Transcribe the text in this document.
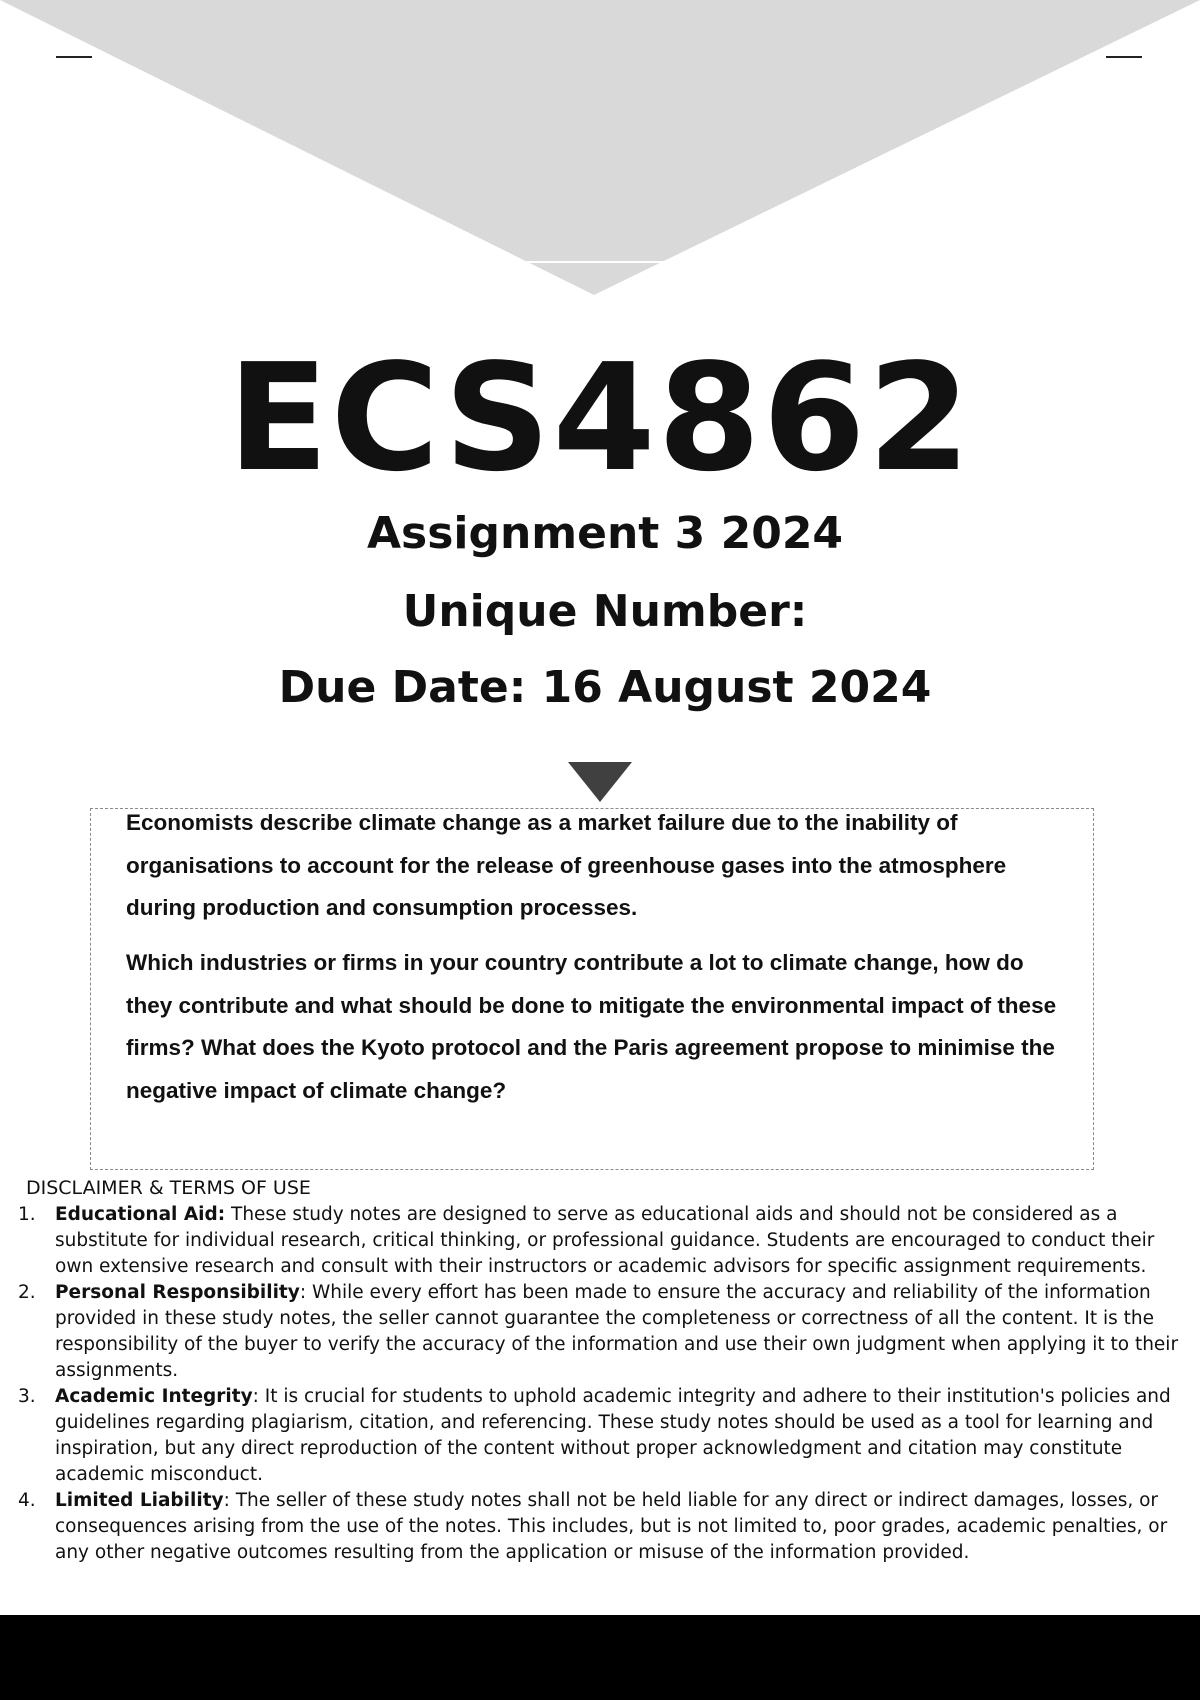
ECS4862
Assignment 3 2024
Unique Number:
Due Date: 16 August 2024

Economists describe climate change as a market failure due to the inability of organisations to account for the release of greenhouse gases into the atmosphere during production and consumption processes.

Which industries or firms in your country contribute a lot to climate change, how do they contribute and what should be done to mitigate the environmental impact of these firms? What does the Kyoto protocol and the Paris agreement propose to minimise the negative impact of climate change?

DISCLAIMER & TERMS OF USE
1. Educational Aid: These study notes are designed to serve as educational aids and should not be considered as a substitute for individual research, critical thinking, or professional guidance. Students are encouraged to conduct their own extensive research and consult with their instructors or academic advisors for specific assignment requirements.
2. Personal Responsibility: While every effort has been made to ensure the accuracy and reliability of the information provided in these study notes, the seller cannot guarantee the completeness or correctness of all the content. It is the responsibility of the buyer to verify the accuracy of the information and use their own judgment when applying it to their assignments.
3. Academic Integrity: It is crucial for students to uphold academic integrity and adhere to their institution's policies and guidelines regarding plagiarism, citation, and referencing. These study notes should be used as a tool for learning and inspiration, but any direct reproduction of the content without proper acknowledgment and citation may constitute academic misconduct.
4. Limited Liability: The seller of these study notes shall not be held liable for any direct or indirect damages, losses, or consequences arising from the use of the notes. This includes, but is not limited to, poor grades, academic penalties, or any other negative outcomes resulting from the application or misuse of the information provided.
